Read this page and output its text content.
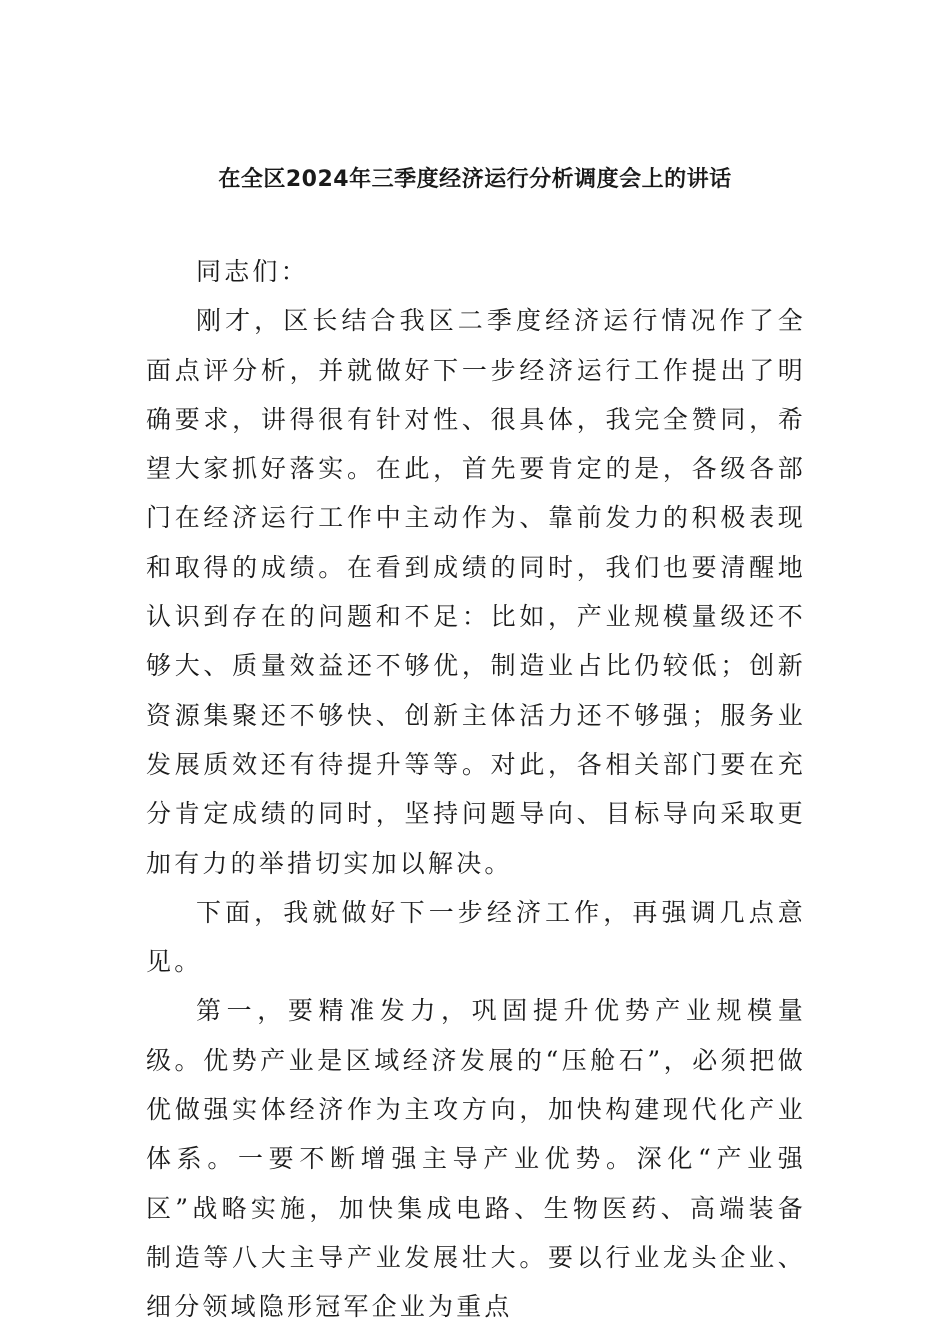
在全区2024年三季度经济运行分析调度会上的讲话

同志们：

刚才，区长结合我区二季度经济运行情况作了全面点评分析，并就做好下一步经济运行工作提出了明确要求，讲得很有针对性、很具体，我完全赞同，希望大家抓好落实。在此，首先要肯定的是，各级各部门在经济运行工作中主动作为、靠前发力的积极表现和取得的成绩。在看到成绩的同时，我们也要清醒地认识到存在的问题和不足：比如，产业规模量级还不够大、质量效益还不够优，制造业占比仍较低；创新资源集聚还不够快、创新主体活力还不够强；服务业发展质效还有待提升等等。对此，各相关部门要在充分肯定成绩的同时，坚持问题导向、目标导向采取更加有力的举措切实加以解决。

下面，我就做好下一步经济工作，再强调几点意见。

第一，要精准发力，巩固提升优势产业规模量级。优势产业是区域经济发展的“压舱石”，必须把做优做强实体经济作为主攻方向，加快构建现代化产业体系。一要不断增强主导产业优势。深化“产业强区”战略实施，加快集成电路、生物医药、高端装备制造等八大主导产业发展壮大。要以行业龙头企业、细分领域隐形冠军企业为重点
